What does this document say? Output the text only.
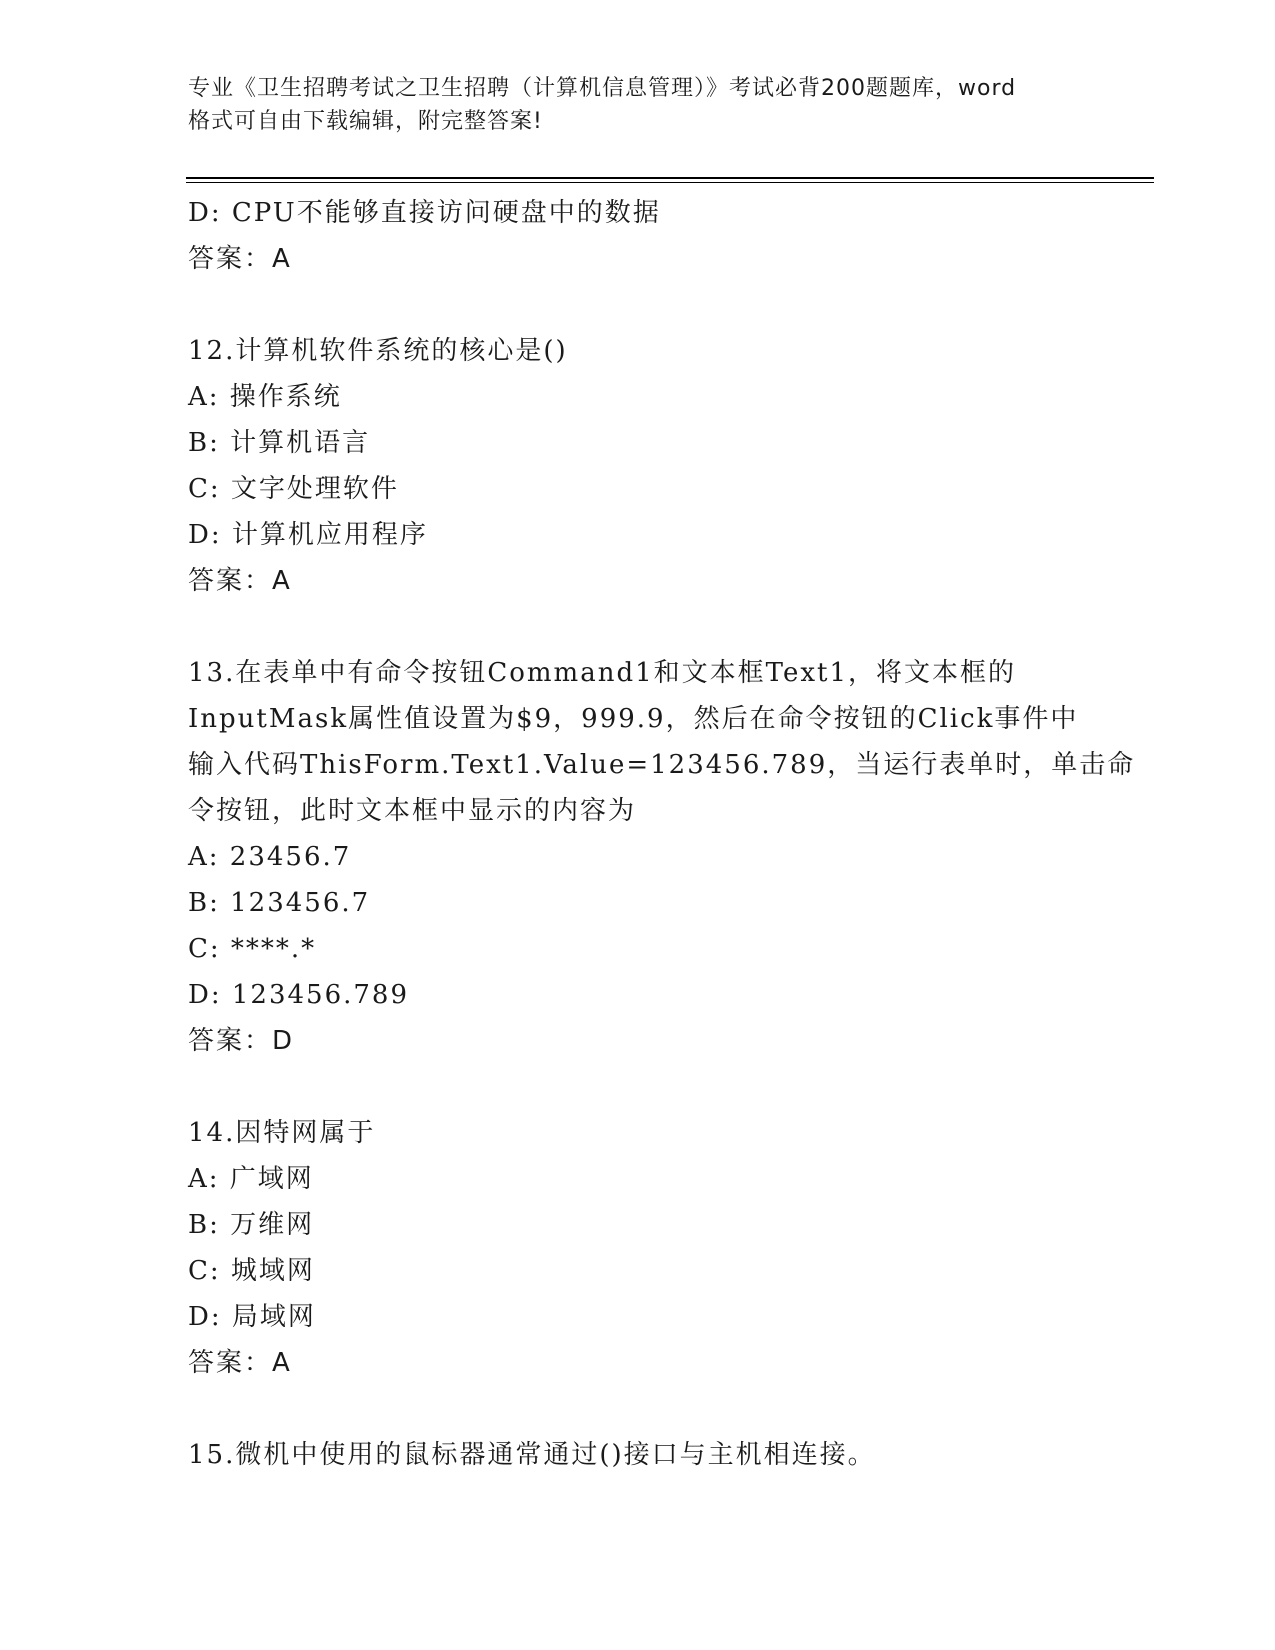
专业《卫生招聘考试之卫生招聘（计算机信息管理）》考试必背200题题库，word
格式可自由下载编辑，附完整答案!
D: CPU不能够直接访问硬盘中的数据
答案：A
12.计算机软件系统的核心是()
A: 操作系统
B: 计算机语言
C: 文字处理软件
D: 计算机应用程序
答案：A
13.在表单中有命令按钮Command1和文本框Text1，将文本框的
InputMask属性值设置为$9，999.9，然后在命令按钮的Click事件中
输入代码ThisForm.Text1.Value=123456.789，当运行表单时，单击命
令按钮，此时文本框中显示的内容为
A: 23456.7
B: 123456.7
C: ****.*
D: 123456.789
答案：D
14.因特网属于
A: 广域网
B: 万维网
C: 城域网
D: 局域网
答案：A
15.微机中使用的鼠标器通常通过()接口与主机相连接。
